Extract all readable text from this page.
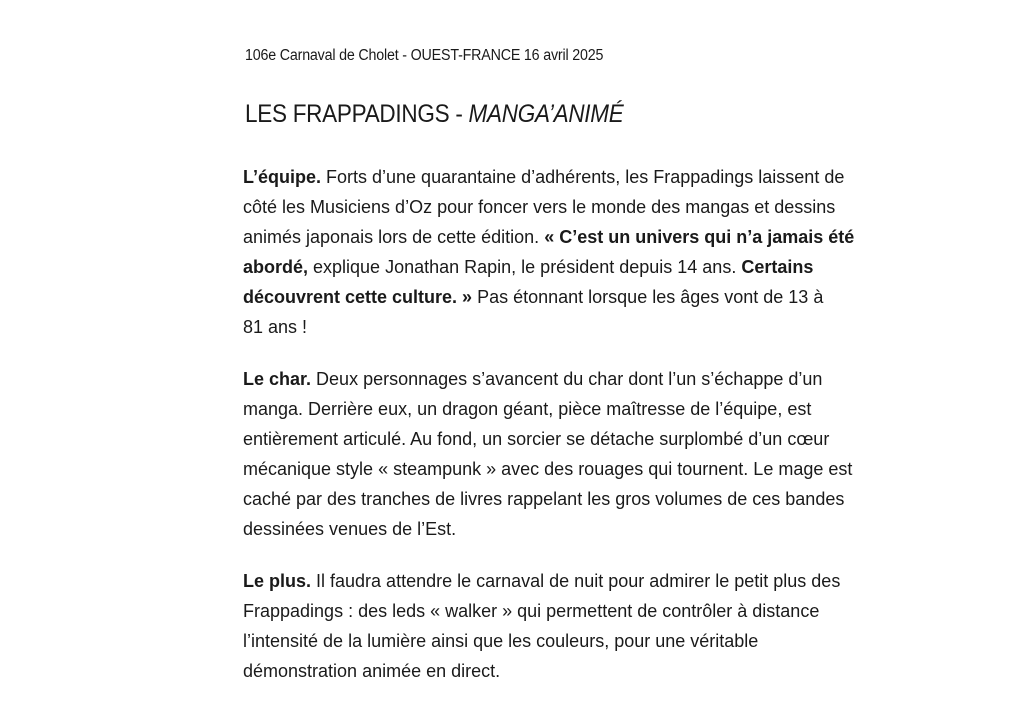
106e Carnaval de Cholet - OUEST-FRANCE 16 avril 2025
LES FRAPPADINGS - MANGA’ANIMÉ

L’équipe. Forts d’une quarantaine d’adhérents, les Frappadings laissent de
côté les Musiciens d’Oz pour foncer vers le monde des mangas et dessins
animés japonais lors de cette édition. « C’est un univers qui n’a jamais été
abordé, explique Jonathan Rapin, le président depuis 14 ans. Certains
découvrent cette culture. » Pas étonnant lorsque les âges vont de 13 à
81 ans !

Le char. Deux personnages s’avancent du char dont l’un s’échappe d’un
manga. Derrière eux, un dragon géant, pièce maîtresse de l’équipe, est
entièrement articulé. Au fond, un sorcier se détache surplombé d’un cœur
mécanique style « steampunk » avec des rouages qui tournent. Le mage est
caché par des tranches de livres rappelant les gros volumes de ces bandes
dessinées venues de l’Est.

Le plus. Il faudra attendre le carnaval de nuit pour admirer le petit plus des
Frappadings : des leds « walker » qui permettent de contrôler à distance
l’intensité de la lumière ainsi que les couleurs, pour une véritable
démonstration animée en direct.
